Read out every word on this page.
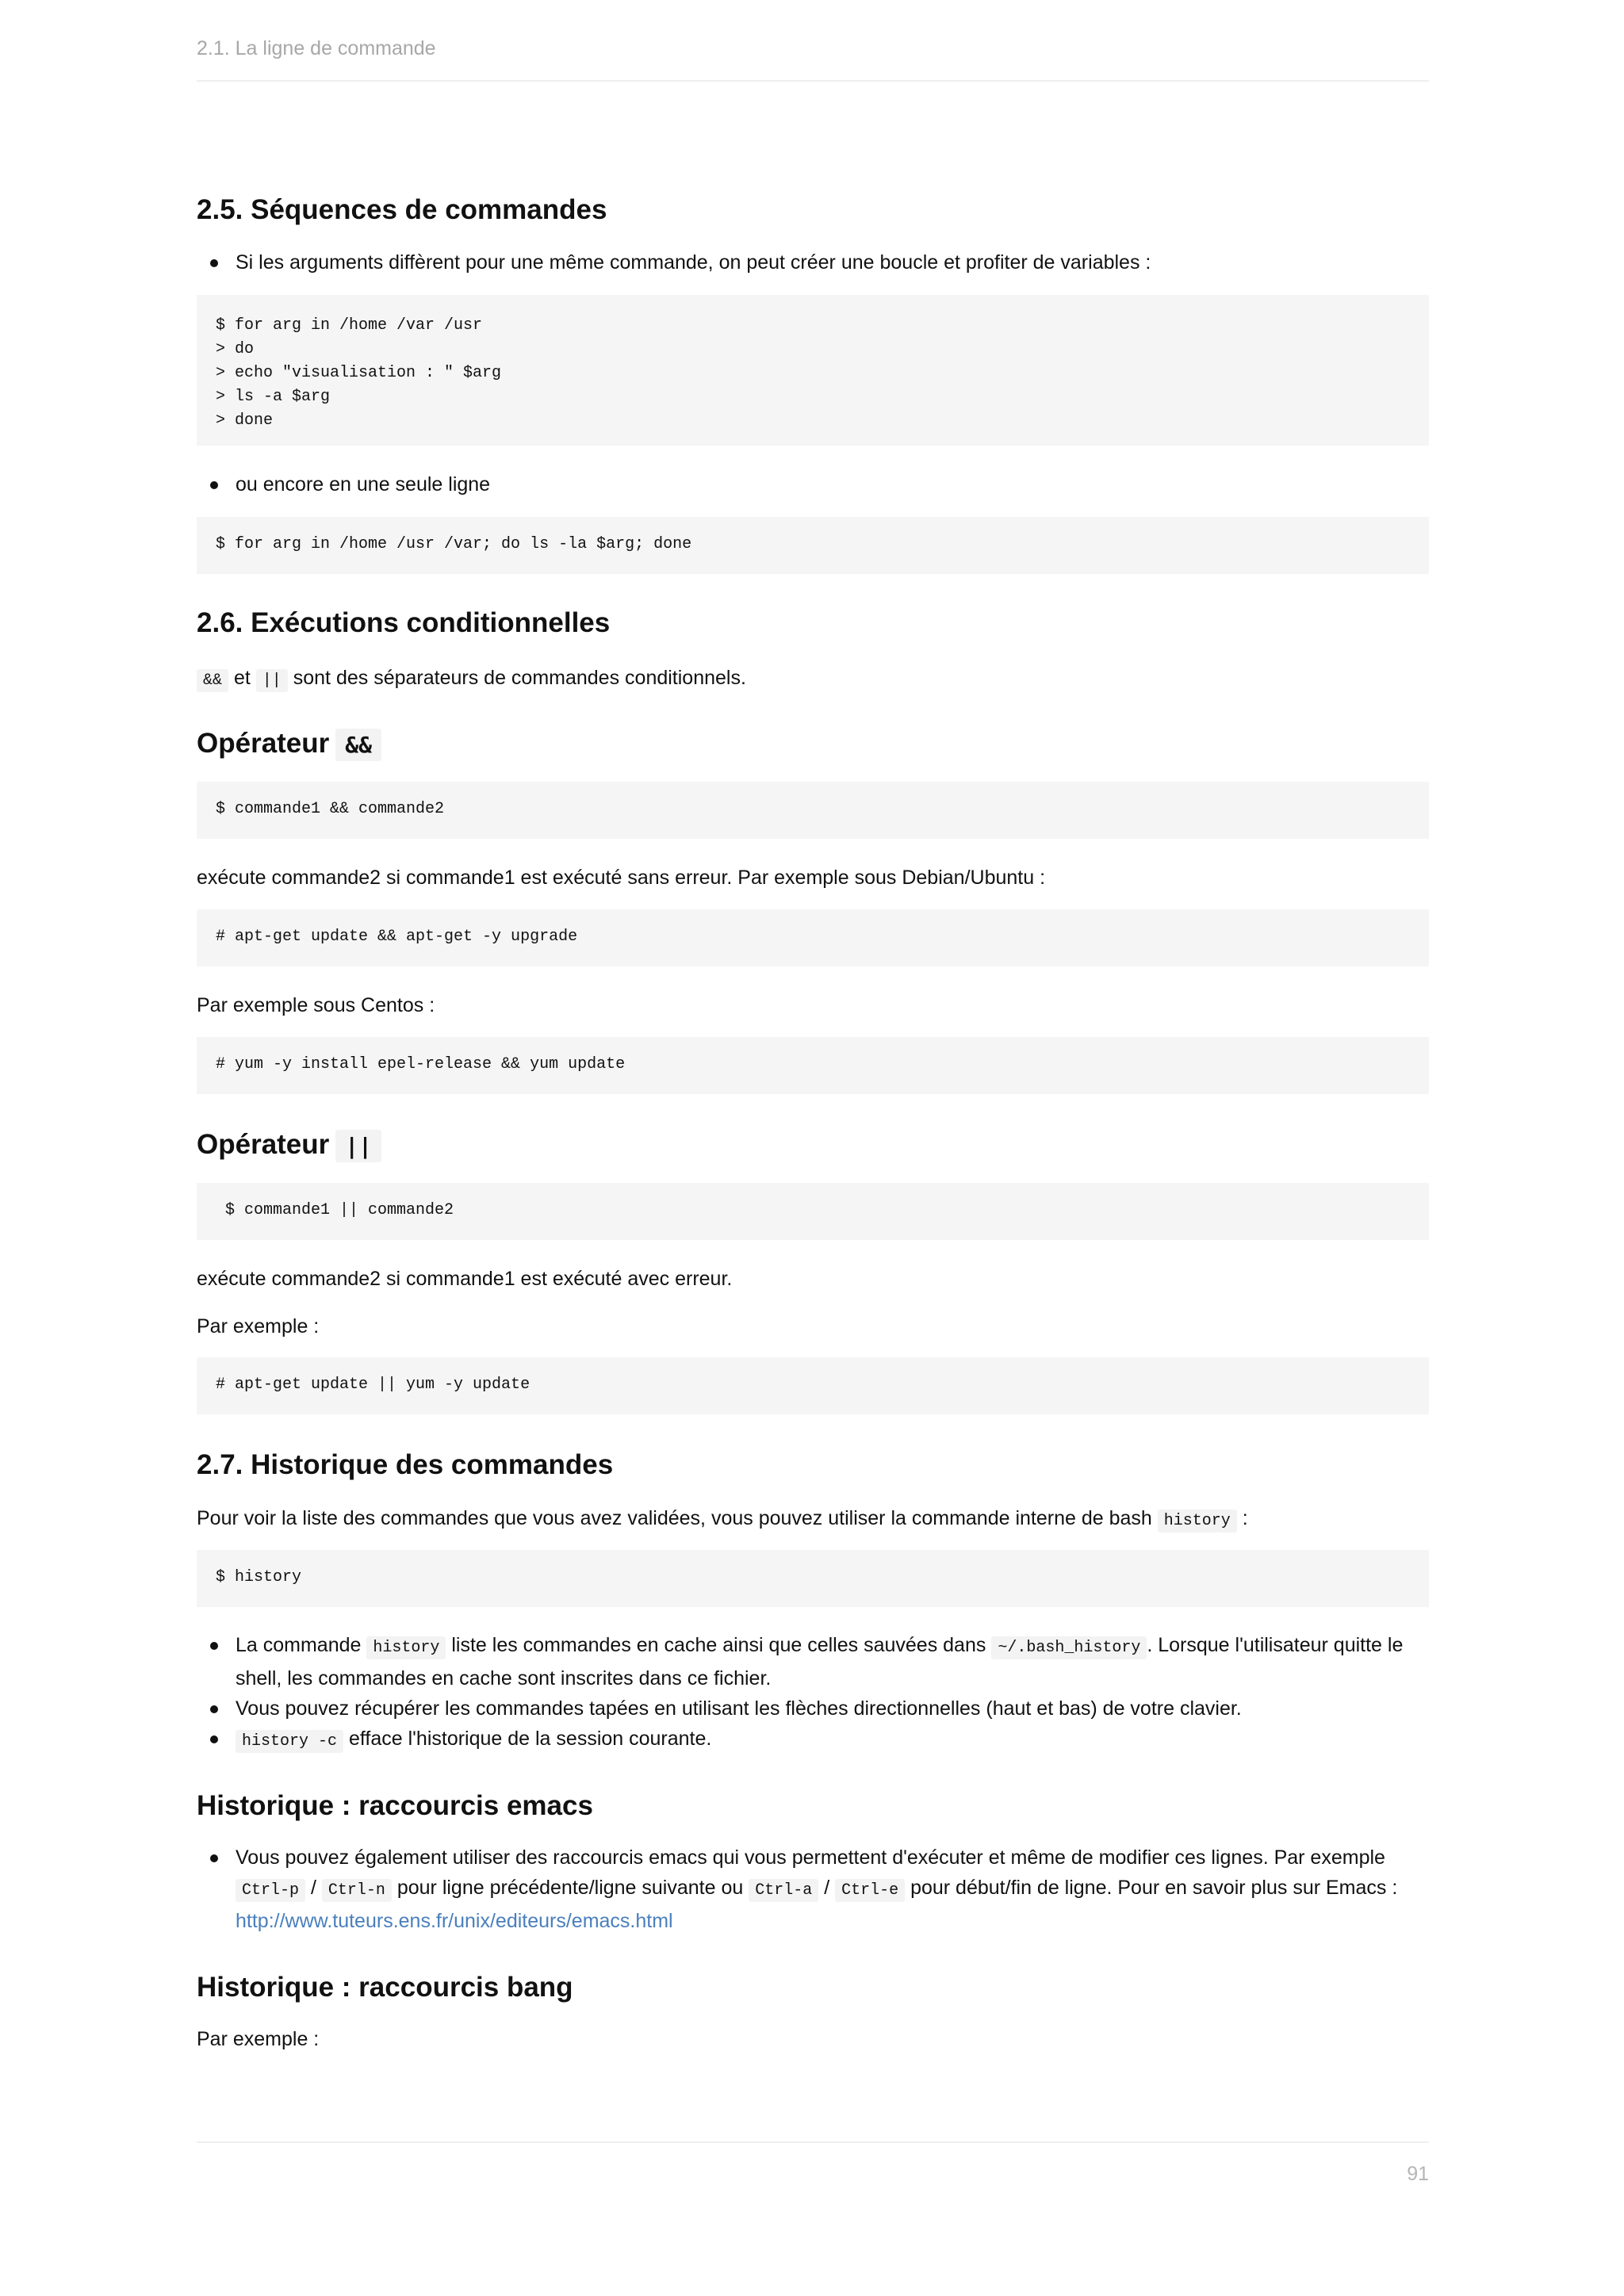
2.1. La ligne de commande
2.5. Séquences de commandes
Si les arguments diffèrent pour une même commande, on peut créer une boucle et profiter de variables :
$ for arg in /home /var /usr
> do
> echo "visualisation : " $arg
> ls -a $arg
> done
ou encore en une seule ligne
$ for arg in /home /usr /var; do ls -la $arg; done
2.6. Exécutions conditionnelles
&& et || sont des séparateurs de commandes conditionnels.
Opérateur &&
$ commande1 && commande2
exécute commande2 si commande1 est exécuté sans erreur. Par exemple sous Debian/Ubuntu :
# apt-get update && apt-get -y upgrade
Par exemple sous Centos :
# yum -y install epel-release && yum update
Opérateur ||
$ commande1 || commande2
exécute commande2 si commande1 est exécuté avec erreur.
Par exemple :
# apt-get update || yum -y update
2.7. Historique des commandes
Pour voir la liste des commandes que vous avez validées, vous pouvez utiliser la commande interne de bash history :
$ history
La commande history liste les commandes en cache ainsi que celles sauvées dans ~/.bash_history . Lorsque l'utilisateur quitte le shell, les commandes en cache sont inscrites dans ce fichier.
Vous pouvez récupérer les commandes tapées en utilisant les flèches directionnelles (haut et bas) de votre clavier.
history -c efface l'historique de la session courante.
Historique : raccourcis emacs
Vous pouvez également utiliser des raccourcis emacs qui vous permettent d'exécuter et même de modifier ces lignes. Par exemple Ctrl-p / Ctrl-n pour ligne précédente/ligne suivante ou Ctrl-a / Ctrl-e pour début/fin de ligne. Pour en savoir plus sur Emacs : http://www.tuteurs.ens.fr/unix/editeurs/emacs.html
Historique : raccourcis bang
Par exemple :
91
